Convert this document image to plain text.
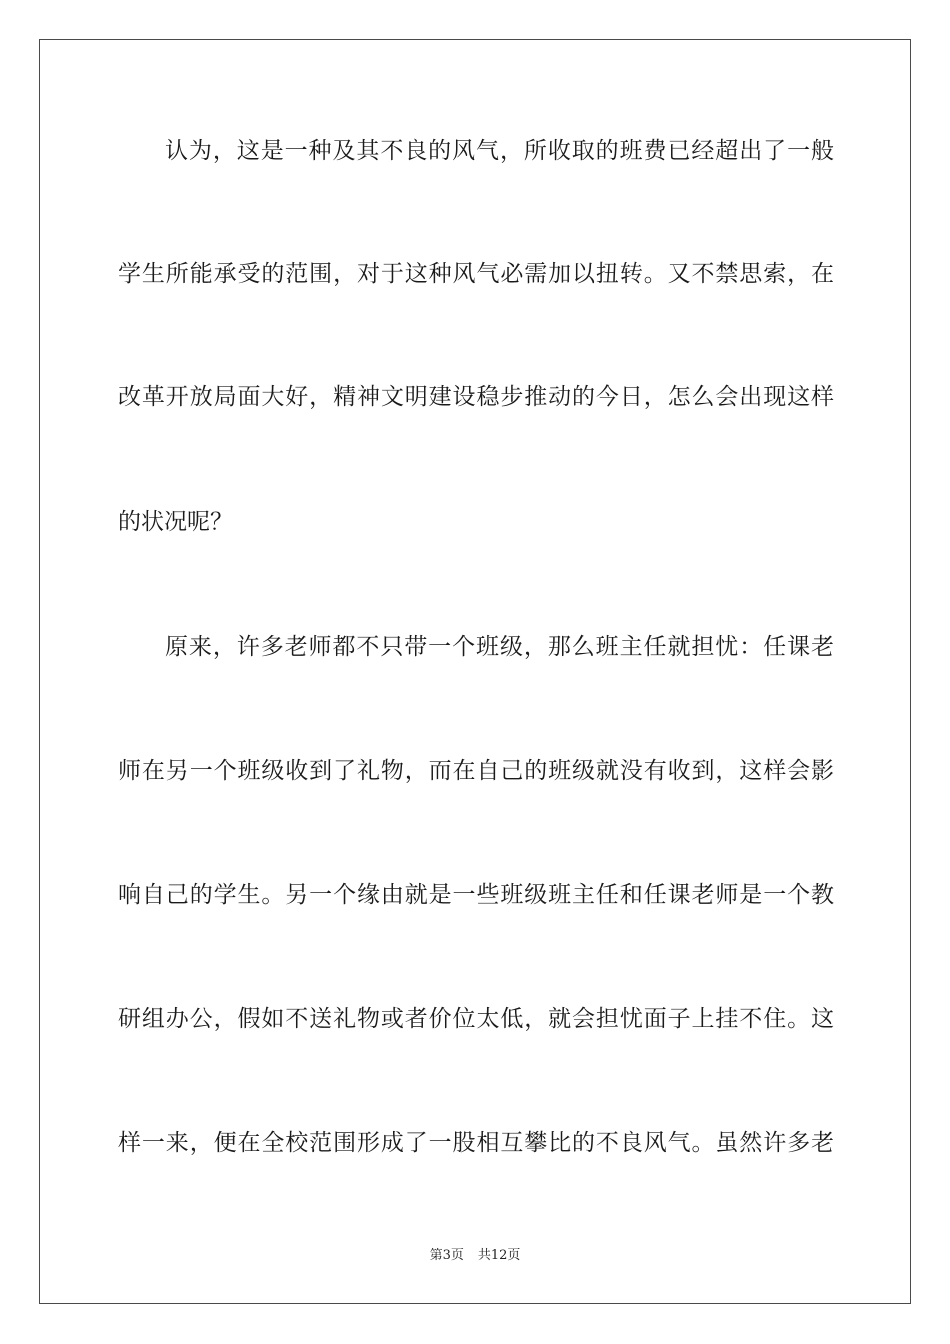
认为，这是一种及其不良的风气，所收取的班费已经超出了一般
学生所能承受的范围，对于这种风气必需加以扭转。又不禁思索，在
改革开放局面大好，精神文明建设稳步推动的今日，怎么会出现这样
的状况呢？
原来，许多老师都不只带一个班级，那么班主任就担忧：任课老
师在另一个班级收到了礼物，而在自己的班级就没有收到，这样会影
响自己的学生。另一个缘由就是一些班级班主任和任课老师是一个教
研组办公，假如不送礼物或者价位太低，就会担忧面子上挂不住。这
样一来，便在全校范围形成了一股相互攀比的不良风气。虽然许多老
第3页 共12页
